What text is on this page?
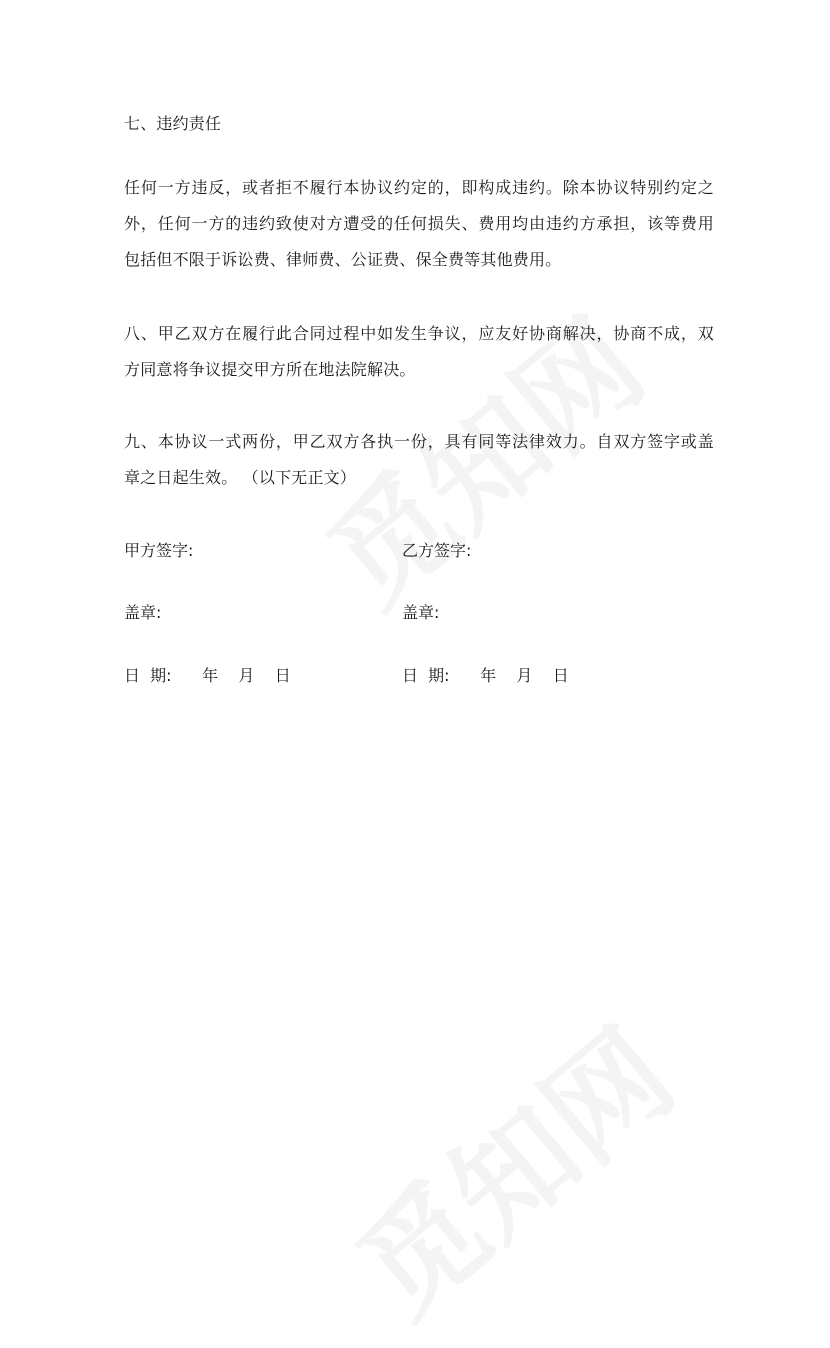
七、违约责任

任何一方违反，或者拒不履行本协议约定的，即构成违约。除本协议特别约定之
外，任何一方的违约致使对方遭受的任何损失、费用均由违约方承担，该等费用
包括但不限于诉讼费、律师费、公证费、保全费等其他费用。

八、甲乙双方在履行此合同过程中如发生争议，应友好协商解决，协商不成，双
方同意将争议提交甲方所在地法院解决。

九、本协议一式两份，甲乙双方各执一份，具有同等法律效力。自双方签字或盖
章之日起生效。 （以下无正文）

甲方签字:
盖章:
日  期:      年    月    日
乙方签字:
盖章:
日  期:      年    月    日
